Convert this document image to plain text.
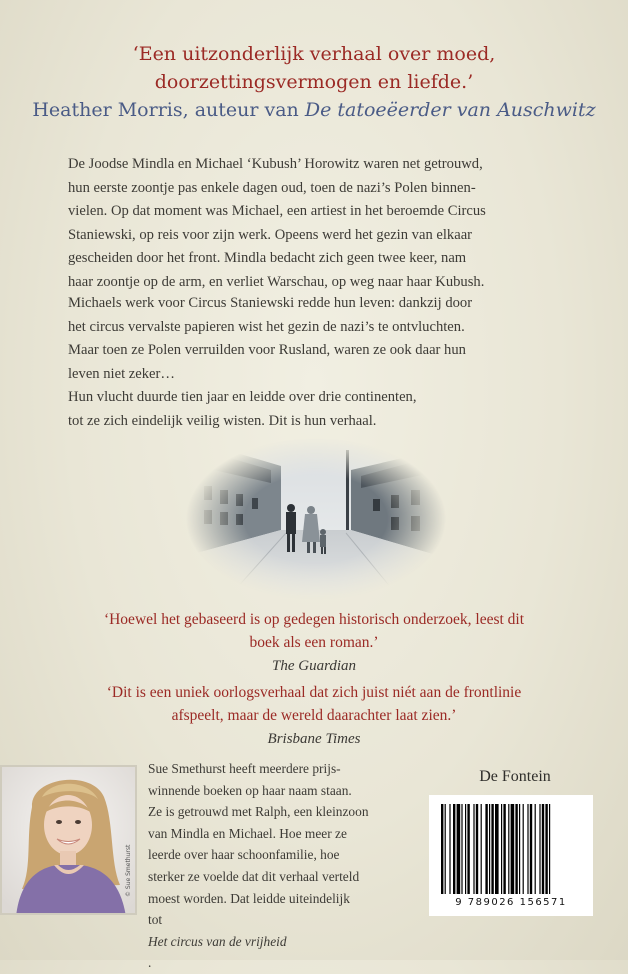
‘Een uitzonderlijk verhaal over moed,
doorzettingsvermogen en liefde.’
Heather Morris, auteur van De tatoeëerder van Auschwitz
De Joodse Mindla en Michael ‘Kubush’ Horowitz waren net getrouwd,
hun eerste zoontje pas enkele dagen oud, toen de nazi’s Polen binnen-
vielen. Op dat moment was Michael, een artiest in het beroemde Circus
Staniewski, op reis voor zijn werk. Opeens werd het gezin van elkaar
gescheiden door het front. Mindla bedacht zich geen twee keer, nam
haar zoontje op de arm, en verliet Warschau, op weg naar haar Kubush.
Michaels werk voor Circus Staniewski redde hun leven: dankzij door
het circus vervalste papieren wist het gezin de nazi’s te ontvluchten.
Maar toen ze Polen verruilden voor Rusland, waren ze ook daar hun
leven niet zeker…
Hun vlucht duurde tien jaar en leidde over drie continenten,
tot ze zich eindelijk veilig wisten. Dit is hun verhaal.
‘Hoewel het gebaseerd is op gedegen historisch onderzoek, leest dit
boek als een roman.’
The Guardian
‘Dit is een uniek oorlogsverhaal dat zich juist niét aan de frontlinie
afspeelt, maar de wereld daarachter laat zien.’
Brisbane Times
© Sue Smethurst
Sue Smethurst heeft meerdere prijs-
winnende boeken op haar naam staan.
Ze is getrouwd met Ralph, een kleinzoon
van Mindla en Michael. Hoe meer ze
leerde over haar schoonfamilie, hoe
sterker ze voelde dat dit verhaal verteld
moest worden. Dat leidde uiteindelijk
tot
Het circus van de vrijheid
.
De Fontein
9 789026 156571
